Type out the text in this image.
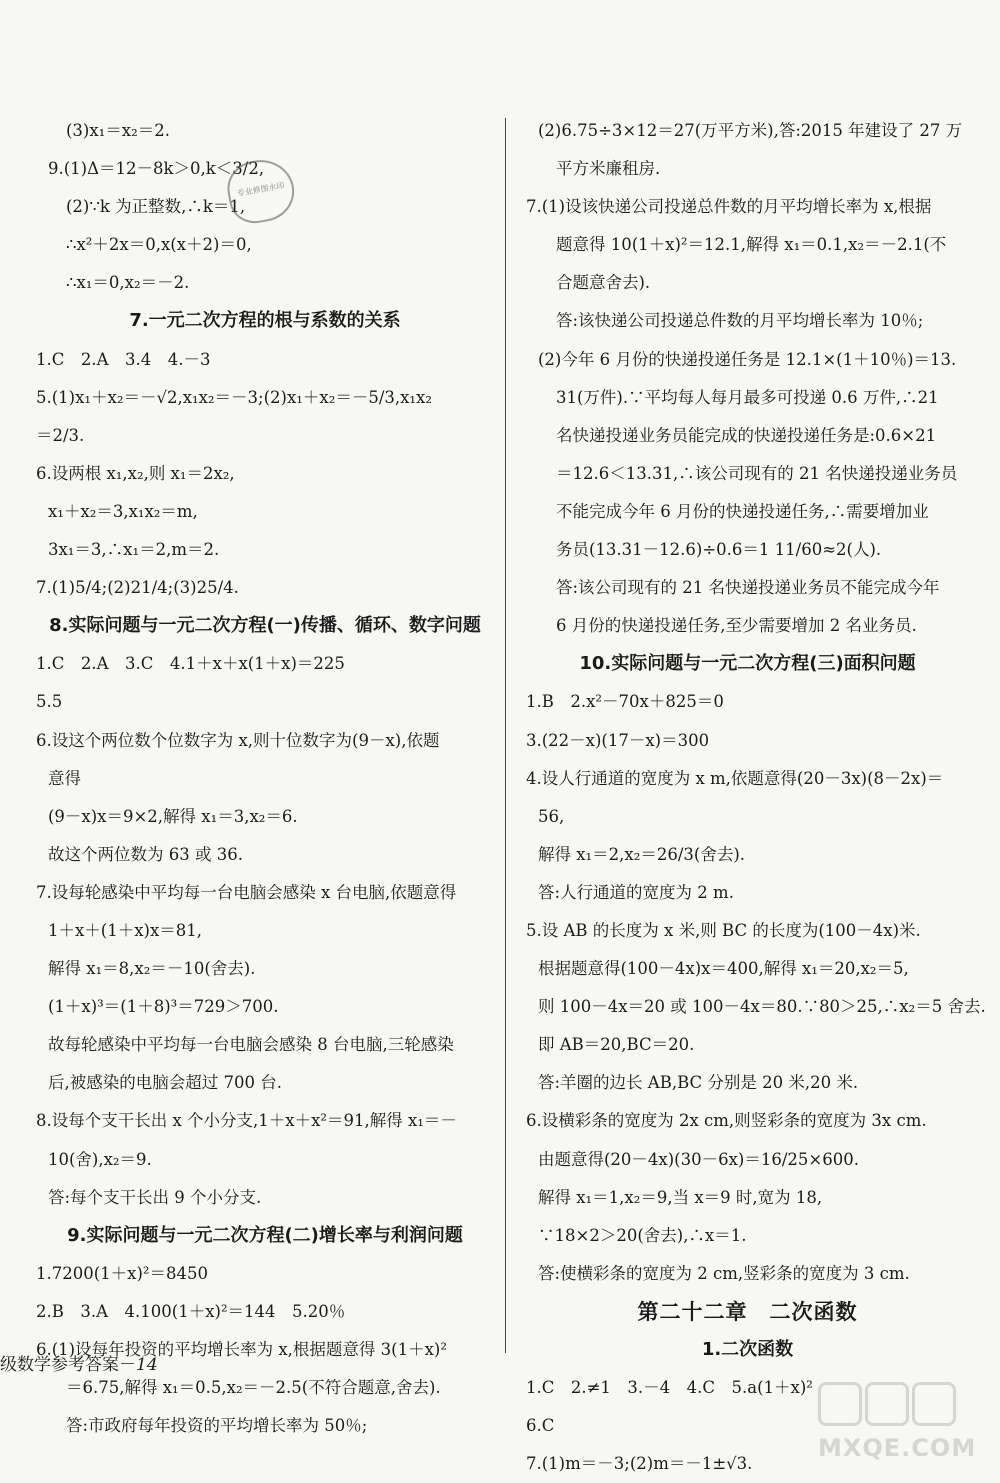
(3)x₁＝x₂＝2.
9.(1)Δ＝12－8k＞0,k＜3/2,
(2)∵k 为正整数,∴k＝1,
∴x²＋2x＝0,x(x＋2)＝0,
∴x₁＝0,x₂＝－2.
7.一元二次方程的根与系数的关系
1.C　2.A　3.4　4.－3
5.(1)x₁＋x₂＝－√2,x₁x₂＝－3;(2)x₁＋x₂＝－5/3,x₁x₂
＝2/3.
6.设两根 x₁,x₂,则 x₁＝2x₂,
x₁＋x₂＝3,x₁x₂＝m,
3x₁＝3,∴x₁＝2,m＝2.
7.(1)5/4;(2)21/4;(3)25/4.
8.实际问题与一元二次方程(一)传播、循环、数字问题
1.C　2.A　3.C　4.1＋x＋x(1＋x)＝225
5.5
6.设这个两位数个位数字为 x,则十位数字为(9－x),依题
意得
(9－x)x＝9×2,解得 x₁＝3,x₂＝6.
故这个两位数为 63 或 36.
7.设每轮感染中平均每一台电脑会感染 x 台电脑,依题意得
1＋x＋(1＋x)x＝81,
解得 x₁＝8,x₂＝－10(舍去).
(1＋x)³＝(1＋8)³＝729＞700.
故每轮感染中平均每一台电脑会感染 8 台电脑,三轮感染
后,被感染的电脑会超过 700 台.
8.设每个支干长出 x 个小分支,1＋x＋x²＝91,解得 x₁＝－
10(舍),x₂＝9.
答:每个支干长出 9 个小分支.
9.实际问题与一元二次方程(二)增长率与利润问题
1.7200(1＋x)²＝8450
2.B　3.A　4.100(1＋x)²＝144　5.20％
6.(1)设每年投资的平均增长率为 x,根据题意得 3(1＋x)²
＝6.75,解得 x₁＝0.5,x₂＝－2.5(不符合题意,舍去).
答:市政府每年投资的平均增长率为 50％;
(2)6.75÷3×12＝27(万平方米),答:2015 年建设了 27 万
平方米廉租房.
7.(1)设该快递公司投递总件数的月平均增长率为 x,根据
题意得 10(1＋x)²＝12.1,解得 x₁＝0.1,x₂＝－2.1(不
合题意舍去).
答:该快递公司投递总件数的月平均增长率为 10％;
(2)今年 6 月份的快递投递任务是 12.1×(1＋10％)＝13.
31(万件).∵平均每人每月最多可投递 0.6 万件,∴21
名快递投递业务员能完成的快递投递任务是:0.6×21
＝12.6＜13.31,∴该公司现有的 21 名快递投递业务员
不能完成今年 6 月份的快递投递任务,∴需要增加业
务员(13.31－12.6)÷0.6＝1 11/60≈2(人).
答:该公司现有的 21 名快递投递业务员不能完成今年
6 月份的快递投递任务,至少需要增加 2 名业务员.
10.实际问题与一元二次方程(三)面积问题
1.B　2.x²－70x＋825＝0
3.(22－x)(17－x)＝300
4.设人行通道的宽度为 x m,依题意得(20－3x)(8－2x)＝
56,
解得 x₁＝2,x₂＝26/3(舍去).
答:人行通道的宽度为 2 m.
5.设 AB 的长度为 x 米,则 BC 的长度为(100－4x)米.
根据题意得(100－4x)x＝400,解得 x₁＝20,x₂＝5,
则 100－4x＝20 或 100－4x＝80.∵80＞25,∴x₂＝5 舍去.
即 AB＝20,BC＝20.
答:羊圈的边长 AB,BC 分别是 20 米,20 米.
6.设横彩条的宽度为 2x cm,则竖彩条的宽度为 3x cm.
由题意得(20－4x)(30－6x)＝16/25×600.
解得 x₁＝1,x₂＝9,当 x＝9 时,宽为 18,
∵18×2＞20(舍去),∴x＝1.
答:使横彩条的宽度为 2 cm,竖彩条的宽度为 3 cm.
第二十二章　二次函数
1.二次函数
1.C　2.≠1　3.－4　4.C　5.a(1＋x)²
6.C
7.(1)m＝－3;(2)m＝－1±√3.
专业修图水印
级数学参考答案－14
MXQE.COM
